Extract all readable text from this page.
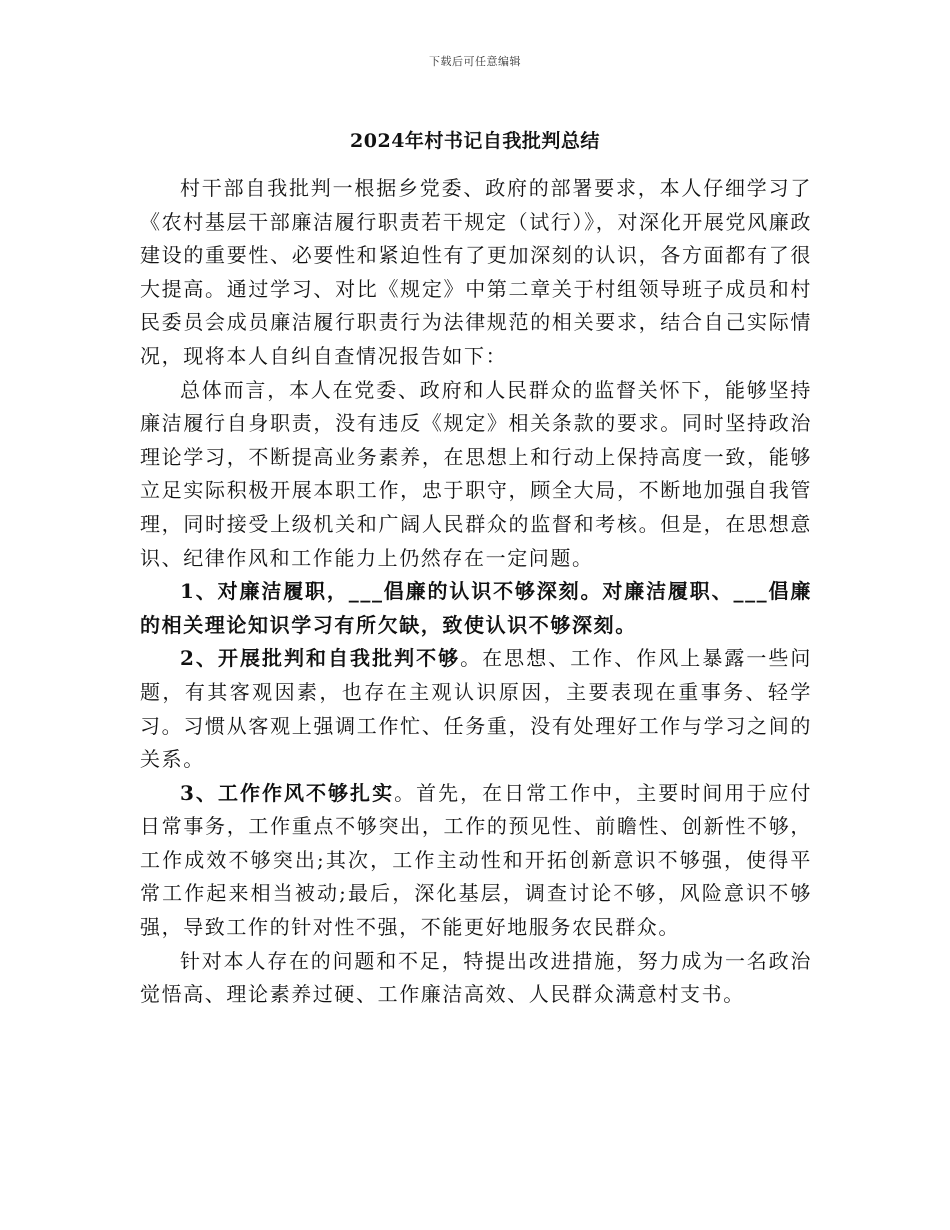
下载后可任意编辑
2024年村书记自我批判总结

村干部自我批判一根据乡党委、政府的部署要求，本人仔细学习了《农村基层干部廉洁履行职责若干规定（试行）》，对深化开展党风廉政建设的重要性、必要性和紧迫性有了更加深刻的认识，各方面都有了很大提高。通过学习、对比《规定》中第二章关于村组领导班子成员和村民委员会成员廉洁履行职责行为法律规范的相关要求，结合自己实际情况，现将本人自纠自查情况报告如下：

总体而言，本人在党委、政府和人民群众的监督关怀下，能够坚持廉洁履行自身职责，没有违反《规定》相关条款的要求。同时坚持政治理论学习，不断提高业务素养，在思想上和行动上保持高度一致，能够立足实际积极开展本职工作，忠于职守，顾全大局，不断地加强自我管理，同时接受上级机关和广阔人民群众的监督和考核。但是，在思想意识、纪律作风和工作能力上仍然存在一定问题。

1、对廉洁履职，___倡廉的认识不够深刻。对廉洁履职、___倡廉的相关理论知识学习有所欠缺，致使认识不够深刻。

2、开展批判和自我批判不够。在思想、工作、作风上暴露一些问题，有其客观因素，也存在主观认识原因，主要表现在重事务、轻学习。习惯从客观上强调工作忙、任务重，没有处理好工作与学习之间的关系。

3、工作作风不够扎实。首先，在日常工作中，主要时间用于应付日常事务，工作重点不够突出，工作的预见性、前瞻性、创新性不够，工作成效不够突出;其次，工作主动性和开拓创新意识不够强，使得平常工作起来相当被动;最后，深化基层，调查讨论不够，风险意识不够强，导致工作的针对性不强，不能更好地服务农民群众。

针对本人存在的问题和不足，特提出改进措施，努力成为一名政治觉悟高、理论素养过硬、工作廉洁高效、人民群众满意村支书。
